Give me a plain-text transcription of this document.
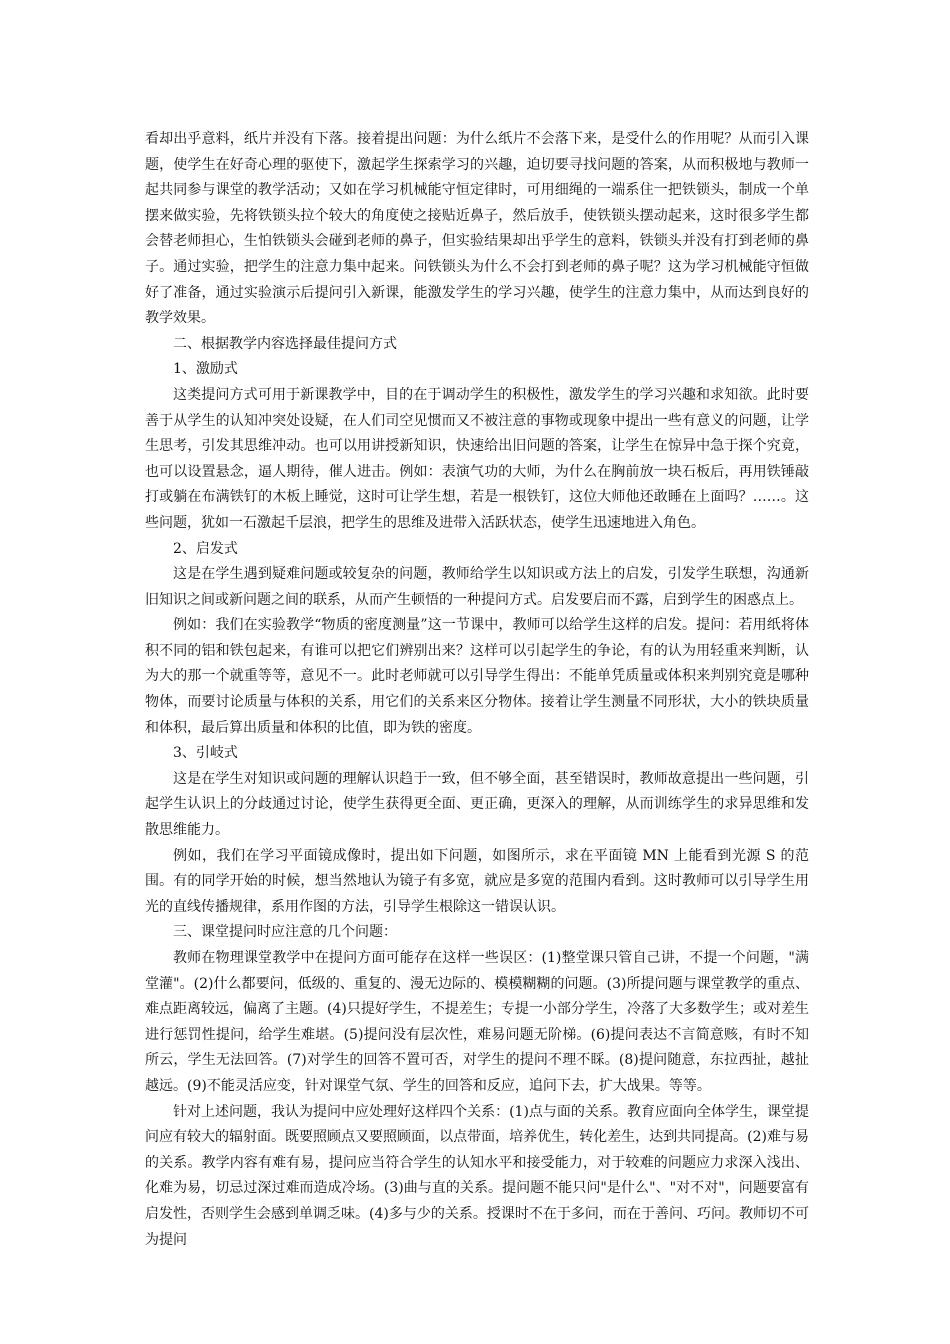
看却出乎意料，纸片并没有下落。接着提出问题：为什么纸片不会落下来，是受什么的作用呢？从而引入课题，使学生在好奇心理的驱使下，激起学生探索学习的兴趣，迫切要寻找问题的答案，从而积极地与教师一起共同参与课堂的教学活动；又如在学习机械能守恒定律时，可用细绳的一端系住一把铁锁头，制成一个单摆来做实验，先将铁锁头拉个较大的角度使之接贴近鼻子，然后放手，使铁锁头摆动起来，这时很多学生都会替老师担心，生怕铁锁头会碰到老师的鼻子，但实验结果却出乎学生的意料，铁锁头并没有打到老师的鼻子。通过实验，把学生的注意力集中起来。问铁锁头为什么不会打到老师的鼻子呢？这为学习机械能守恒做好了准备，通过实验演示后提问引入新课，能激发学生的学习兴趣，使学生的注意力集中，从而达到良好的教学效果。

二、根据教学内容选择最佳提问方式

1、激励式

这类提问方式可用于新课教学中，目的在于调动学生的积极性，激发学生的学习兴趣和求知欲。此时要善于从学生的认知冲突处设疑，在人们司空见惯而又不被注意的事物或现象中提出一些有意义的问题，让学生思考，引发其思维冲动。也可以用讲授新知识，快速给出旧问题的答案，让学生在惊异中急于探个究竟，也可以设置悬念，逼人期待，催人进击。例如：表演气功的大师，为什么在胸前放一块石板后，再用铁锤敲打或躺在布满铁钉的木板上睡觉，这时可让学生想，若是一根铁钉，这位大师他还敢睡在上面吗？……。这些问题，犹如一石激起千层浪，把学生的思维及进带入活跃状态，使学生迅速地进入角色。

2、启发式

这是在学生遇到疑难问题或较复杂的问题，教师给学生以知识或方法上的启发，引发学生联想，沟通新旧知识之间或新问题之间的联系，从而产生顿悟的一种提问方式。启发要启而不露，启到学生的困惑点上。

例如：我们在实验教学“物质的密度测量”这一节课中，教师可以给学生这样的启发。提问：若用纸将体积不同的铝和铁包起来，有谁可以把它们辨别出来？这样可以引起学生的争论，有的认为用轻重来判断，认为大的那一个就重等等，意见不一。此时老师就可以引导学生得出：不能单凭质量或体积来判别究竟是哪种物体，而要讨论质量与体积的关系，用它们的关系来区分物体。接着让学生测量不同形状，大小的铁块质量和体积，最后算出质量和体积的比值，即为铁的密度。

3、引岐式

这是在学生对知识或问题的理解认识趋于一致，但不够全面，甚至错误时，教师故意提出一些问题，引起学生认识上的分歧通过讨论，使学生获得更全面、更正确，更深入的理解，从而训练学生的求异思维和发散思维能力。

例如，我们在学习平面镜成像时，提出如下问题，如图所示，求在平面镜 MN 上能看到光源 S 的范围。有的同学开始的时候，想当然地认为镜子有多宽，就应是多宽的范围内看到。这时教师可以引导学生用光的直线传播规律，系用作图的方法，引导学生根除这一错误认识。

三、课堂提问时应注意的几个问题：

教师在物理课堂教学中在提问方面可能存在这样一些误区：(1)整堂课只管自己讲，不提一个问题，"满堂灌"。(2)什么都要问，低级的、重复的、漫无边际的、模模糊糊的问题。(3)所提问题与课堂教学的重点、难点距离较远，偏离了主题。(4)只提好学生，不提差生；专提一小部分学生，冷落了大多数学生；或对差生进行惩罚性提问，给学生难堪。(5)提问没有层次性，难易问题无阶梯。(6)提问表达不言简意赅，有时不知所云，学生无法回答。(7)对学生的回答不置可否，对学生的提问不理不睬。(8)提问随意，东拉西扯，越扯越远。(9)不能灵活应变，针对课堂气氛、学生的回答和反应，追问下去，扩大战果。等等。

针对上述问题，我认为提问中应处理好这样四个关系：(1)点与面的关系。教育应面向全体学生，课堂提问应有较大的辐射面。既要照顾点又要照顾面，以点带面，培养优生，转化差生，达到共同提高。(2)难与易的关系。教学内容有难有易，提问应当符合学生的认知水平和接受能力，对于较难的问题应力求深入浅出、化难为易，切忌过深过难而造成冷场。(3)曲与直的关系。提问题不能只问"是什么"、"对不对"，问题要富有启发性，否则学生会感到单调乏味。(4)多与少的关系。授课时不在于多问，而在于善问、巧问。教师切不可为提问
